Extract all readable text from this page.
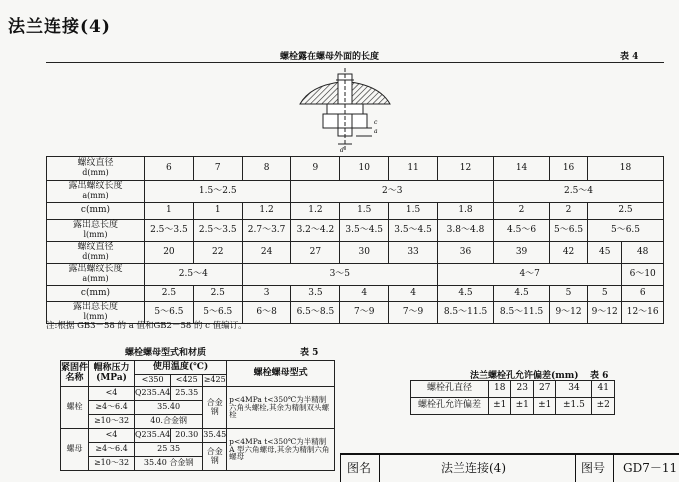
法兰连接(4)
螺栓露在螺母外面的长度	表 4
a
c
d
螺纹直径
d(mm)	6	7	8	9	10	11	12	14	16	18	
露出螺纹长度
a(mm)	1.5～2.5			2～3				2.5～4			
c(mm)	1	1	1.2	1.2	1.5	1.5	1.8	2	2	2.5	
露出总长度
l(mm)	2.5～3.5	2.5～3.5	2.7～3.7	3.2～4.2	3.5～4.5	3.5～4.5	3.8～4.8	4.5～6	5～6.5	5～6.5	
螺纹直径
d(mm)	20	22	24	27	30	33	36	39	42	45	48
露出螺纹长度
a(mm)	2.5～4		3～5				4～7				6～10
c(mm)	2.5	2.5	3	3.5	4	4	4.5	4.5	5	5	6
露出总长度
l(mm)	5～6.5	5～6.5	6～8	6.5～8.5	7～9	7～9	8.5～11.5	8.5～11.5	9～12	9～12	12～16
注:根据 GB3－58 的 a 值和GB2－58 的 c 值编订。
螺栓螺母型式和材质	表 5
紧固件名称	帽称压力(MPa)	使用温度(℃)			螺栓螺母型式
		<350	<425	≥425	
螺栓	<4	Q235.A4	25.35	合金钢	p<4MPa t<350℃为半精制六角头螺栓,其余为精制双头螺栓
	≥4～6.4	35.40			
	≥10～32	40.合金钢			
螺母	<4	Q235.A4	20.30	35.45	p<4MPa t<350℃为半精制 A 型六角螺母,其余为精制六角螺母
	≥4～6.4	25 35		合金钢	
	≥10～32	35.40 合金钢			
法兰螺栓孔允许偏差(mm) 表 6
螺栓孔直径	18	23	27	34	41
螺栓孔允许偏差	±1	±1	±1	±1.5	±2
图名	法兰连接(4)	图号 GD7－11
